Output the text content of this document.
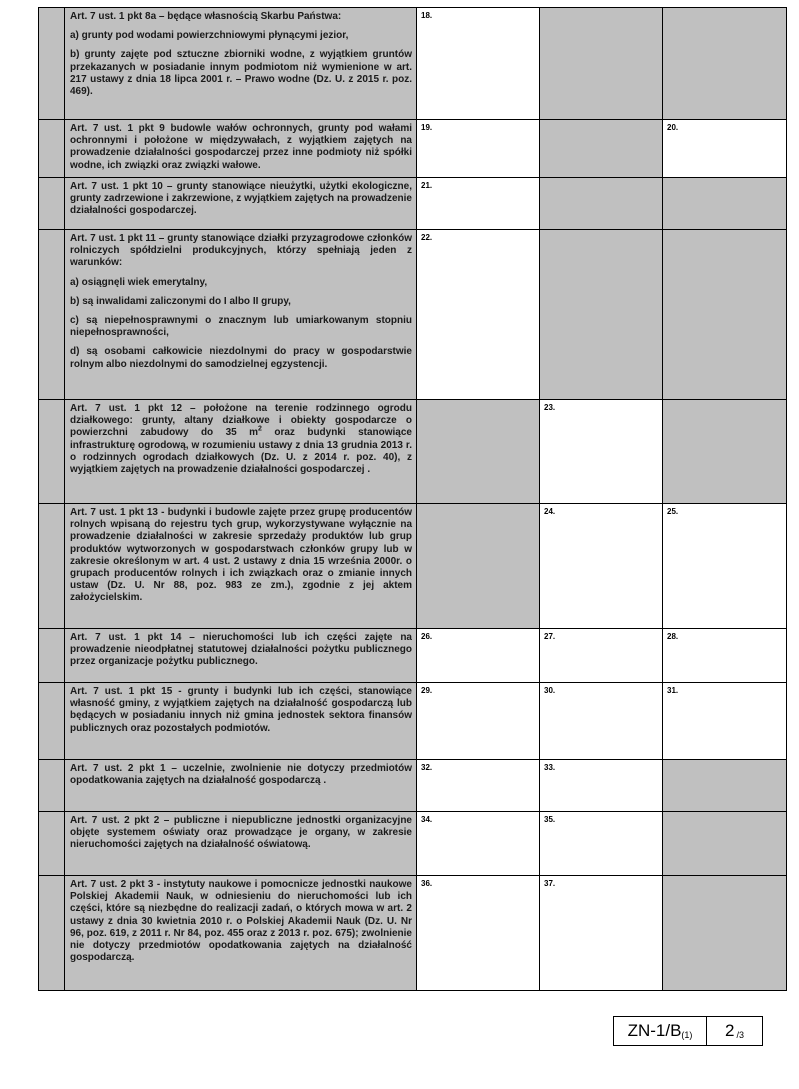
	Art. 7 ust. 1 pkt 8a – będące własnością Skarbu Państwa:
a) grunty pod wodami powierzchniowymi płynącymi jezior,
b) grunty zajęte pod sztuczne zbiorniki wodne, z wyjątkiem gruntów przekazanych w posiadanie innym podmiotom niż wymienione w art. 217 ustawy z dnia 18 lipca 2001 r. – Prawo wodne (Dz. U. z 2015 r. poz. 469).	18.		

	Art. 7 ust. 1 pkt 9 budowle wałów ochronnych, grunty pod wałami ochronnymi i położone w międzywałach, z wyjątkiem zajętych na prowadzenie działalności gospodarczej przez inne podmioty niż spółki wodne, ich związki oraz związki wałowe.	19.		20.

	Art. 7 ust. 1 pkt 10 – grunty stanowiące nieużytki, użytki ekologiczne, grunty zadrzewione i zakrzewione, z wyjątkiem zajętych na prowadzenie działalności gospodarczej.	21.		

	Art. 7 ust. 1 pkt 11 – grunty stanowiące działki przyzagrodowe członków rolniczych spółdzielni produkcyjnych, którzy spełniają jeden z warunków:
a) osiągnęli wiek emerytalny,
b) są inwalidami zaliczonymi do I albo II grupy,
c) są niepełnosprawnymi o znacznym lub umiarkowanym stopniu niepełnosprawności,
d) są osobami całkowicie niezdolnymi do pracy w gospodarstwie rolnym albo niezdolnymi do samodzielnej egzystencji.	22.		

	Art. 7 ust. 1 pkt 12 – położone na terenie rodzinnego ogrodu działkowego: grunty, altany działkowe i obiekty gospodarcze o powierzchni zabudowy do 35 $m^2$ oraz budynki stanowiące infrastrukturę ogrodową, w rozumieniu ustawy z dnia 13 grudnia 2013 r. o rodzinnych ogrodach działkowych (Dz. U. z 2014 r. poz. 40), z wyjątkiem zajętych na prowadzenie działalności gospodarczej .		23.	

	Art. 7 ust. 1 pkt 13 - budynki i budowle zajęte przez grupę producentów rolnych wpisaną do rejestru tych grup, wykorzystywane wyłącznie na prowadzenie działalności w zakresie sprzedaży produktów lub grup produktów wytworzonych w gospodarstwach członków grupy lub w zakresie określonym w art. 4 ust. 2 ustawy z dnia 15 września 2000r. o grupach producentów rolnych i ich związkach oraz o zmianie innych ustaw (Dz. U. Nr 88, poz. 983 ze zm.), zgodnie z jej aktem założycielskim.		24.	25.

	Art. 7 ust. 1 pkt 14 – nieruchomości lub ich części zajęte na prowadzenie nieodpłatnej statutowej działalności pożytku publicznego przez organizacje pożytku publicznego.	26.	27.	28.

	Art. 7 ust. 1 pkt 15 - grunty i budynki lub ich części, stanowiące własność gminy, z wyjątkiem zajętych na działalność gospodarczą lub będących w posiadaniu innych niż gmina jednostek sektora finansów publicznych oraz pozostałych podmiotów.	29.	30.	31.

	Art. 7 ust. 2 pkt 1 – uczelnie, zwolnienie nie dotyczy przedmiotów opodatkowania zajętych na działalność gospodarczą .	32.	33.	

	Art. 7 ust. 2 pkt 2 – publiczne i niepubliczne jednostki organizacyjne objęte systemem oświaty oraz prowadzące je organy, w zakresie nieruchomości zajętych na działalność oświatową.	34.	35.	

	Art. 7 ust. 2 pkt 3 - instytuty naukowe i pomocnicze jednostki naukowe Polskiej Akademii Nauk, w odniesieniu do nieruchomości lub ich części, które są niezbędne do realizacji zadań, o których mowa w art. 2 ustawy z dnia 30 kwietnia 2010 r. o Polskiej Akademii Nauk (Dz. U. Nr 96, poz. 619, z 2011 r. Nr 84, poz. 455 oraz z 2013 r. poz. 675); zwolnienie nie dotyczy przedmiotów opodatkowania zajętych na działalność gospodarczą.	36.	37.	

ZN-1/B (1) 2 /3
